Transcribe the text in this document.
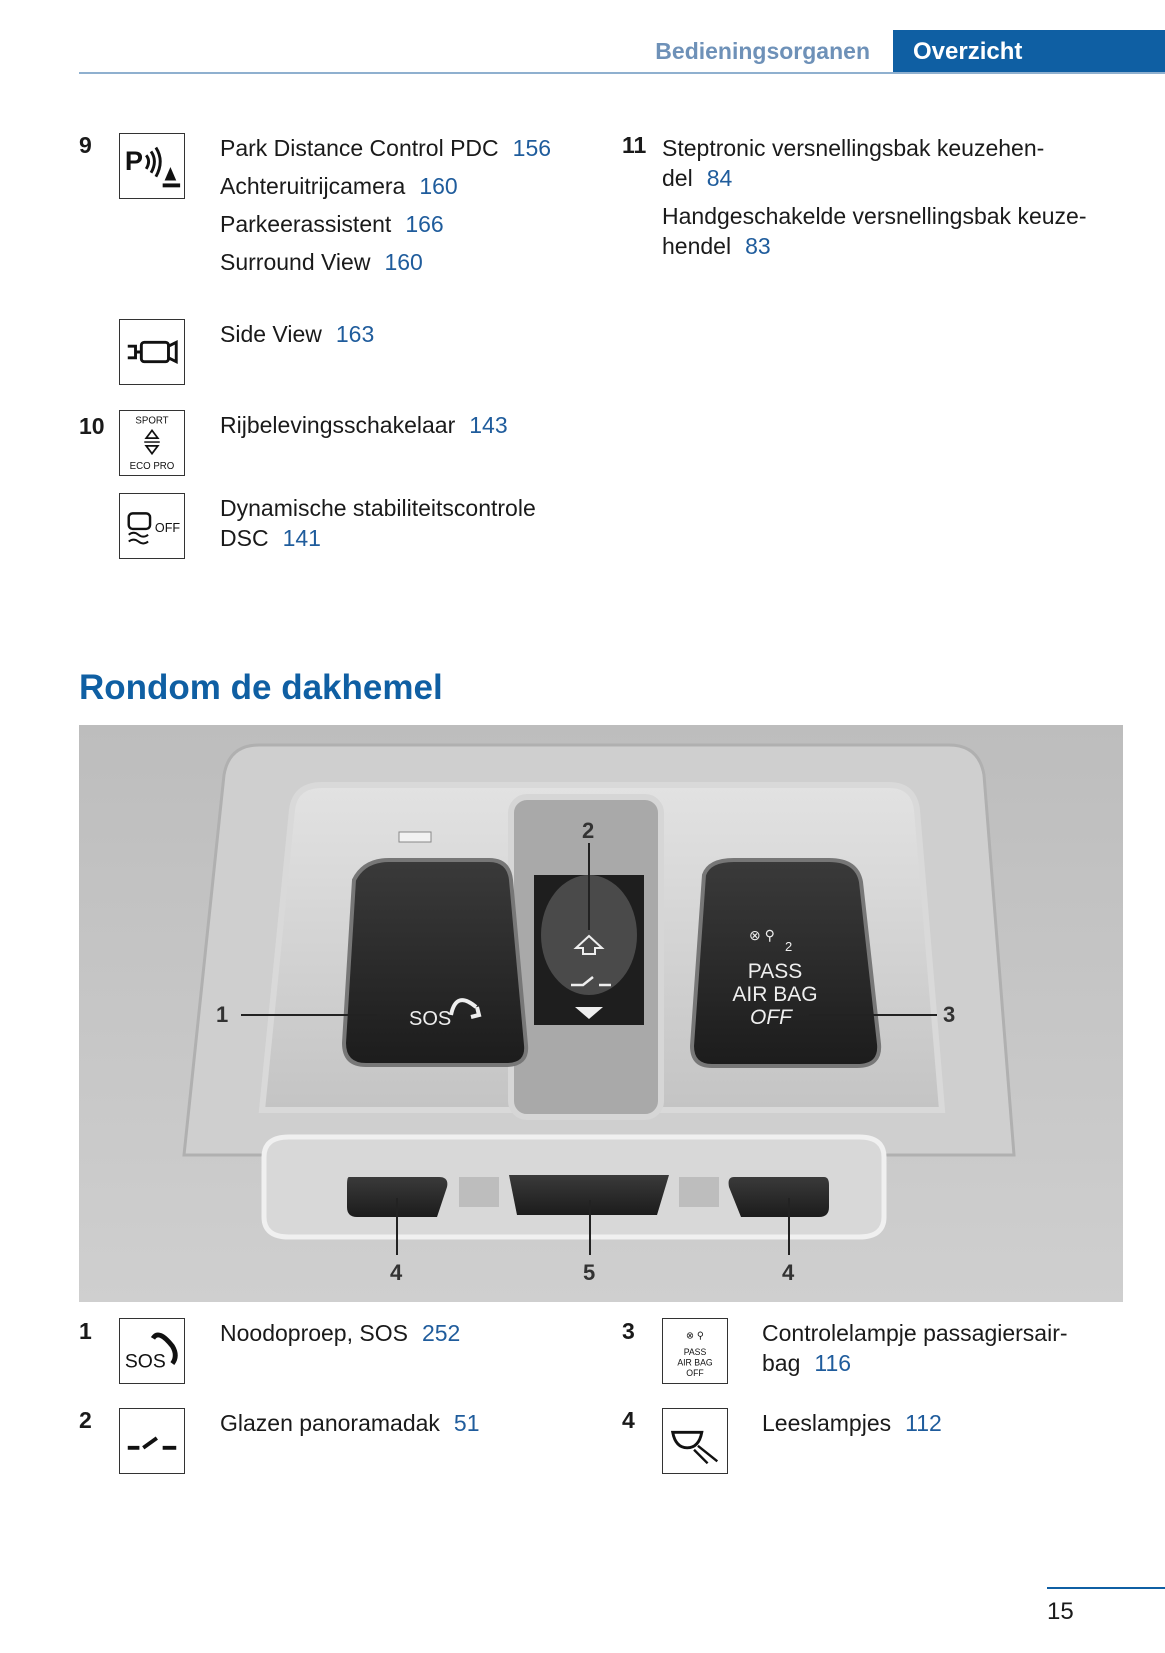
Bedieningsorganen	Overzicht
9 P	Park Distance Control PDC 156
Achteruitrijcamera 160
Parkeerassistent 166
Surround View 160
Side View 163
10	SPORT
ECO PRO
Rijbelevingsschakelaar 143
OFF
Dynamische stabiliteitscontrole
DSC 141
11 Steptronic versnellingsbak keuzehen-
del 84
Handgeschakelde versnellingsbak keuze-
hendel 83
Rondom de dakhemel
SOS
⊗ ⚲
2
PASS
AIR BAG
OFF
1
2
3
4	5	4
1
SOS
Noodoproep, SOS 252	3	⊗ ⚲
PASS
AIR BAG
OFF
Controlelampje passagiersair-
bag 116
2	Glazen panoramadak 51	4	Leeslampjes 112
15
